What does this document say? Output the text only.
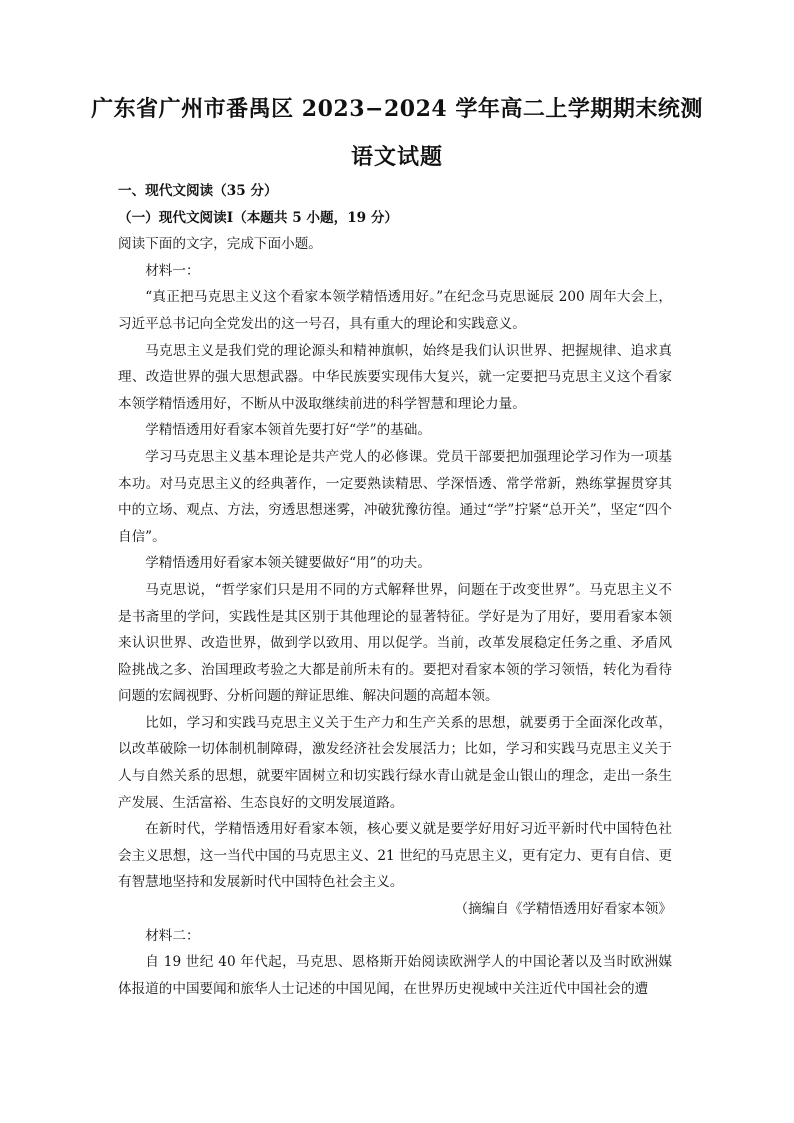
广东省广州市番禺区 2023−2024 学年高二上学期期末统测
语文试题

一、现代文阅读（35 分）

（一）现代文阅读Ⅰ（本题共 5 小题，19 分）

阅读下面的文字，完成下面小题。

材料一：

“真正把马克思主义这个看家本领学精悟透用好。”在纪念马克思诞辰 200 周年大会上，习近平总书记向全党发出的这一号召，具有重大的理论和实践意义。

马克思主义是我们党的理论源头和精神旗帜，始终是我们认识世界、把握规律、追求真理、改造世界的强大思想武器。中华民族要实现伟大复兴，就一定要把马克思主义这个看家本领学精悟透用好，不断从中汲取继续前进的科学智慧和理论力量。

学精悟透用好看家本领首先要打好“学”的基础。

学习马克思主义基本理论是共产党人的必修课。党员干部要把加强理论学习作为一项基本功。对马克思主义的经典著作，一定要熟读精思、学深悟透、常学常新，熟练掌握贯穿其中的立场、观点、方法，穷透思想迷雾，冲破犹豫彷徨。通过“学”拧紧“总开关”，坚定“四个自信”。

学精悟透用好看家本领关键要做好“用”的功夫。

马克思说，“哲学家们只是用不同的方式解释世界，问题在于改变世界”。马克思主义不是书斋里的学问，实践性是其区别于其他理论的显著特征。学好是为了用好，要用看家本领来认识世界、改造世界，做到学以致用、用以促学。当前，改革发展稳定任务之重、矛盾风险挑战之多、治国理政考验之大都是前所未有的。要把对看家本领的学习领悟，转化为看待问题的宏阔视野、分析问题的辩证思维、解决问题的高超本领。

比如，学习和实践马克思主义关于生产力和生产关系的思想，就要勇于全面深化改革，以改革破除一切体制机制障碍，激发经济社会发展活力；比如，学习和实践马克思主义关于人与自然关系的思想，就要牢固树立和切实践行绿水青山就是金山银山的理念，走出一条生产发展、生活富裕、生态良好的文明发展道路。

在新时代，学精悟透用好看家本领，核心要义就是要学好用好习近平新时代中国特色社会主义思想，这一当代中国的马克思主义、21 世纪的马克思主义，更有定力、更有自信、更有智慧地坚持和发展新时代中国特色社会主义。

（摘编自《学精悟透用好看家本领》

材料二：

自 19 世纪 40 年代起，马克思、恩格斯开始阅读欧洲学人的中国论著以及当时欧洲媒体报道的中国要闻和旅华人士记述的中国见闻，在世界历史视域中关注近代中国社会的遭
